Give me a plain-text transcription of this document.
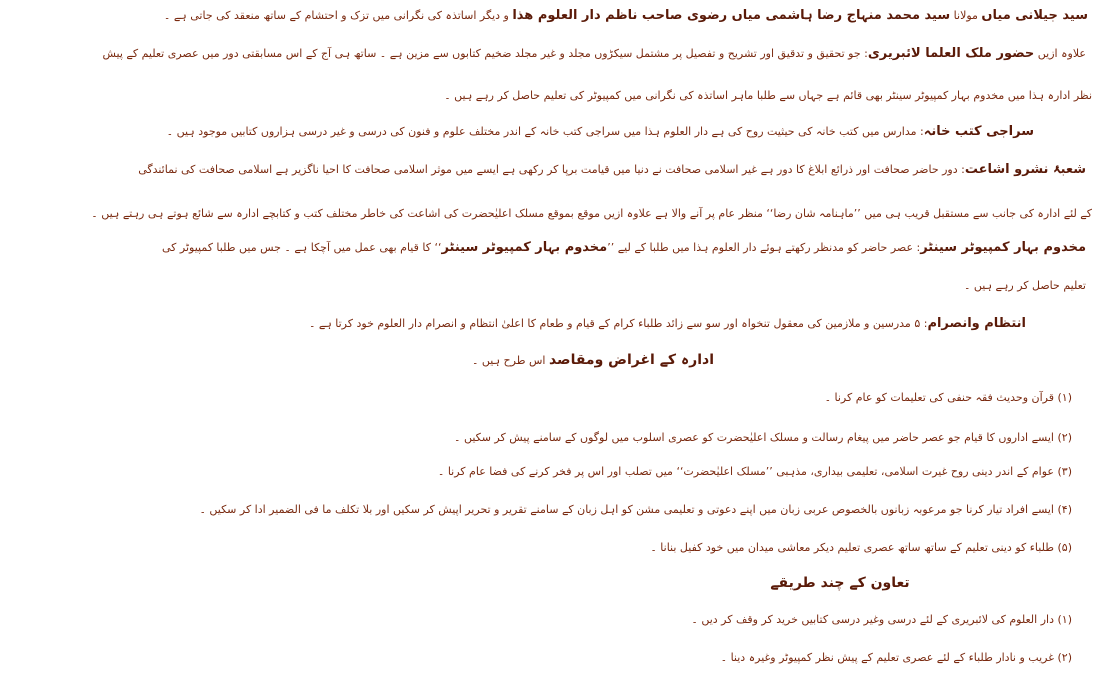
سید جیلانی میاں مولانا سید محمد منہاج رضا ہاشمی میاں رضوی صاحب ناظم دار العلوم ھذا و دیگر اساتذہ کی نگرانی میں تزک و احتشام کے ساتھ منعقد کی جاتی ہے ۔
علاوہ ازیں حضور ملک العلما لائبریری: جو تحقیق و تدقیق اور تشریح و تفصیل پر مشتمل سیکڑوں مجلد و غیر مجلد ضخیم کتابوں سے مزین ہے ۔ ساتھ ہی آج کے اس مسابقتی دور میں عصری تعلیم کے پیش
نظر ادارہ ہذا میں مخدوم بہار کمپیوٹر سینٹر بھی قائم ہے جہاں سے طلبا ماہر اساتذہ کی نگرانی میں کمپیوٹر کی تعلیم حاصل کر رہے ہیں ۔
سراجی کتب خانہ: مدارس میں کتب خانہ کی حیثیت روح کی ہے دار العلوم ہذا میں سراجی کتب خانہ کے اندر مختلف علوم و فنون کی درسی و غیر درسی ہزاروں کتابیں موجود ہیں ۔
شعبۂ نشرو اشاعت: دور حاضر صحافت اور ذرائع ابلاغ کا دور ہے غیر اسلامی صحافت نے دنیا میں قیامت برپا کر رکھی ہے ایسے میں موثر اسلامی صحافت کا احیا ناگزیر ہے اسلامی صحافت کی نمائندگی
کے لئے ادارہ کی جانب سے مستقبل قریب ہی میں ’’ماہنامہ شان رضا‘‘ منظر عام پر آنے والا ہے علاوہ ازیں موقع بموقع مسلک اعلیٰحضرت کی اشاعت کی خاطر مختلف کتب و کتابچے ادارہ سے شائع ہوتے ہی رہتے ہیں ۔
مخدوم بہار کمپیوٹر سینٹر: عصر حاضر کو مدنظر رکھتے ہوئے دار العلوم ہذا میں طلبا کے لیے ’’مخدوم بہار کمپیوٹر سینٹر‘‘ کا قیام بھی عمل میں آچکا ہے ۔ جس میں طلبا کمپیوٹر کی
تعلیم حاصل کر رہے ہیں ۔
انتظام وانصرام: ۵ مدرسین و ملازمین کی معقول تنخواہ اور سو سے زائد طلباء کرام کے قیام و طعام کا اعلیٰ انتظام و انصرام دار العلوم خود کرتا ہے ۔
ادارہ کے اغراض ومقاصد اس طرح ہیں ۔
(۱) قرآن وحدیث فقہ حنفی کی تعلیمات کو عام کرنا ۔
(۲) ایسے اداروں کا قیام جو عصر حاضر میں پیغام رسالت و مسلک اعلیٰحضرت کو عصری اسلوب میں لوگوں کے سامنے پیش کر سکیں ۔
(۳) عوام کے اندر دینی روح غیرت اسلامی، تعلیمی بیداری، مذہبی ’’مسلک اعلیٰحضرت‘‘ میں تصلب اور اس پر فخر کرنے کی فضا عام کرنا ۔
(۴) ایسے افراد تیار کرنا جو مرعوبہ زبانوں بالخصوص عربی زبان میں اپنے دعوتی و تعلیمی مشن کو اہل زبان کے سامنے تقریر و تحریر اپیش کر سکیں اور بلا تکلف ما فی الضمیر ادا کر سکیں ۔
(۵) طلباء کو دینی تعلیم کے ساتھ ساتھ عصری تعلیم دیکر معاشی میدان میں خود کفیل بنانا ۔
تعاون کے چند طریقے
(۱) دار العلوم کی لائبریری کے لئے درسی وغیر درسی کتابیں خرید کر وقف کر دیں ۔
(۲) غریب و نادار طلباء کے لئے عصری تعلیم کے پیش نظر کمپیوٹر وغیرہ دینا ۔
